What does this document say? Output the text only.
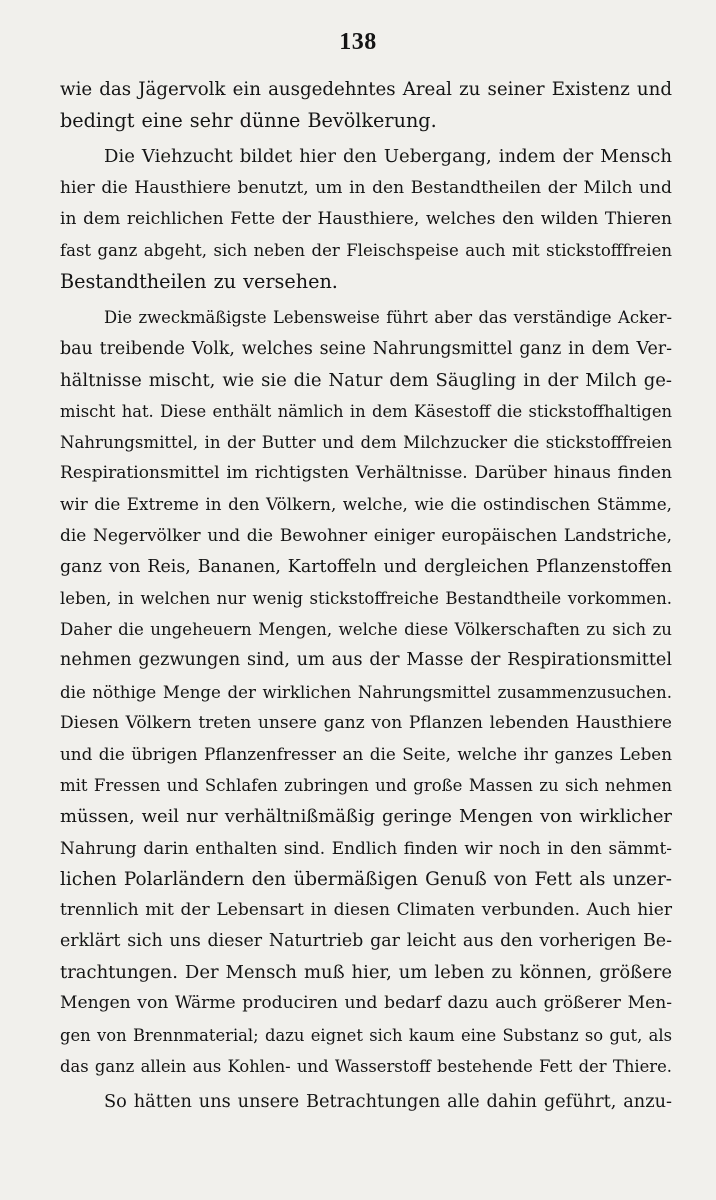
138
wie das Jägervolk ein ausgedehntes Areal zu seiner Existenz und
bedingt eine sehr dünne Bevölkerung.
Die Viehzucht bildet hier den Uebergang, indem der Mensch
hier die Hausthiere benutzt, um in den Bestandtheilen der Milch und
in dem reichlichen Fette der Hausthiere, welches den wilden Thieren
fast ganz abgeht, sich neben der Fleischspeise auch mit stickstofffreien
Bestandtheilen zu versehen.
Die zweckmäßigste Lebensweise führt aber das verständige Acker-
bau treibende Volk, welches seine Nahrungsmittel ganz in dem Ver-
hältnisse mischt, wie sie die Natur dem Säugling in der Milch ge-
mischt hat. Diese enthält nämlich in dem Käsestoff die stickstoffhaltigen
Nahrungsmittel, in der Butter und dem Milchzucker die stickstofffreien
Respirationsmittel im richtigsten Verhältnisse. Darüber hinaus finden
wir die Extreme in den Völkern, welche, wie die ostindischen Stämme,
die Negervölker und die Bewohner einiger europäischen Landstriche,
ganz von Reis, Bananen, Kartoffeln und dergleichen Pflanzenstoffen
leben, in welchen nur wenig stickstoffreiche Bestandtheile vorkommen.
Daher die ungeheuern Mengen, welche diese Völkerschaften zu sich zu
nehmen gezwungen sind, um aus der Masse der Respirationsmittel
die nöthige Menge der wirklichen Nahrungsmittel zusammenzusuchen.
Diesen Völkern treten unsere ganz von Pflanzen lebenden Hausthiere
und die übrigen Pflanzenfresser an die Seite, welche ihr ganzes Leben
mit Fressen und Schlafen zubringen und große Massen zu sich nehmen
müssen, weil nur verhältnißmäßig geringe Mengen von wirklicher
Nahrung darin enthalten sind. Endlich finden wir noch in den sämmt-
lichen Polarländern den übermäßigen Genuß von Fett als unzer-
trennlich mit der Lebensart in diesen Climaten verbunden. Auch hier
erklärt sich uns dieser Naturtrieb gar leicht aus den vorherigen Be-
trachtungen. Der Mensch muß hier, um leben zu können, größere
Mengen von Wärme produciren und bedarf dazu auch größerer Men-
gen von Brennmaterial; dazu eignet sich kaum eine Substanz so gut, als
das ganz allein aus Kohlen- und Wasserstoff bestehende Fett der Thiere.
So hätten uns unsere Betrachtungen alle dahin geführt, anzu-
